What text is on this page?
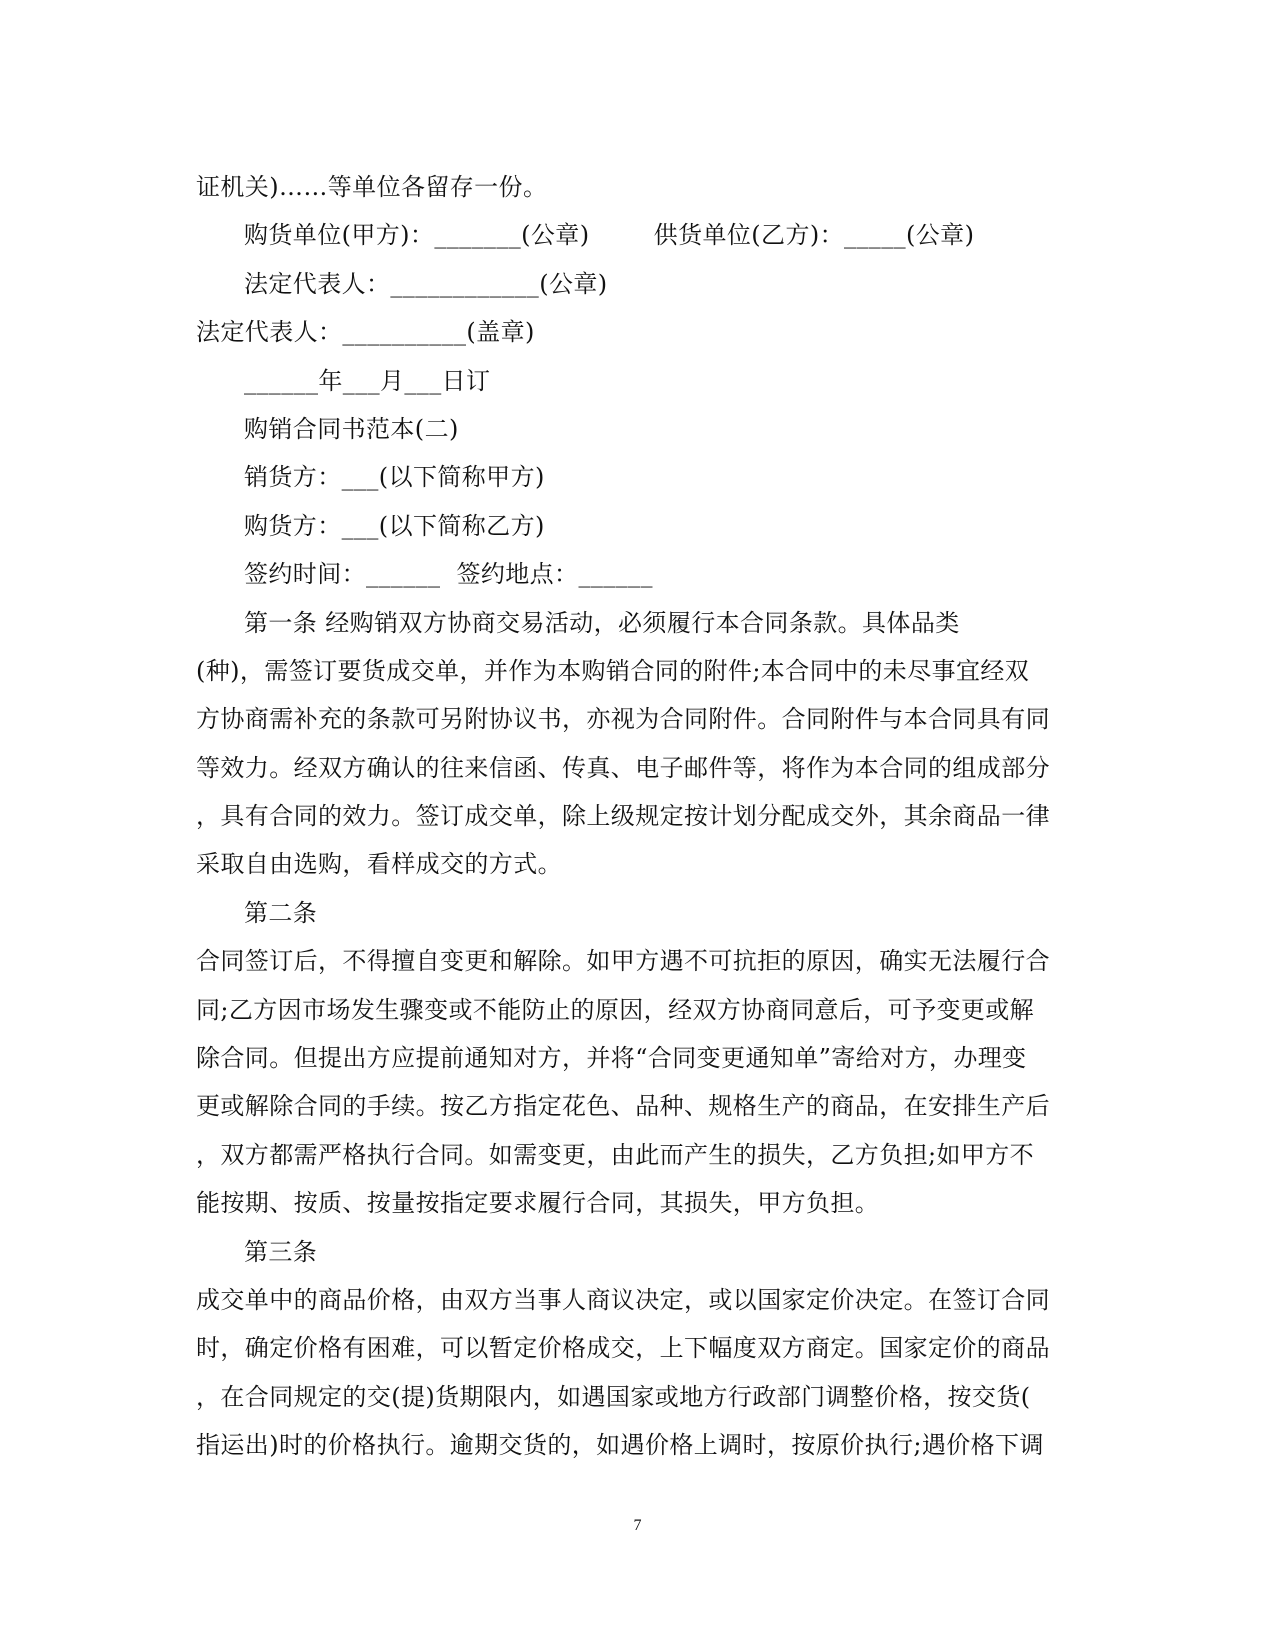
证机关)……等单位各留存一份。
购货单位(甲方)：_______(公章)        供货单位(乙方)：_____(公章)
法定代表人：____________(公章)
法定代表人：__________(盖章)
______年___月___日订
购销合同书范本(二)
销货方：___(以下简称甲方)
购货方：___(以下简称乙方)
签约时间：______  签约地点：______
第一条 经购销双方协商交易活动，必须履行本合同条款。具体品类
(种)，需签订要货成交单，并作为本购销合同的附件;本合同中的未尽事宜经双
方协商需补充的条款可另附协议书，亦视为合同附件。合同附件与本合同具有同
等效力。经双方确认的往来信函、传真、电子邮件等，将作为本合同的组成部分
，具有合同的效力。签订成交单，除上级规定按计划分配成交外，其余商品一律
采取自由选购，看样成交的方式。
第二条
合同签订后，不得擅自变更和解除。如甲方遇不可抗拒的原因，确实无法履行合
同;乙方因市场发生骤变或不能防止的原因，经双方协商同意后，可予变更或解
除合同。但提出方应提前通知对方，并将“合同变更通知单”寄给对方，办理变
更或解除合同的手续。按乙方指定花色、品种、规格生产的商品，在安排生产后
，双方都需严格执行合同。如需变更，由此而产生的损失，乙方负担;如甲方不
能按期、按质、按量按指定要求履行合同，其损失，甲方负担。
第三条
成交单中的商品价格，由双方当事人商议决定，或以国家定价决定。在签订合同
时，确定价格有困难，可以暂定价格成交，上下幅度双方商定。国家定价的商品
，在合同规定的交(提)货期限内，如遇国家或地方行政部门调整价格，按交货(
指运出)时的价格执行。逾期交货的，如遇价格上调时，按原价执行;遇价格下调
7
